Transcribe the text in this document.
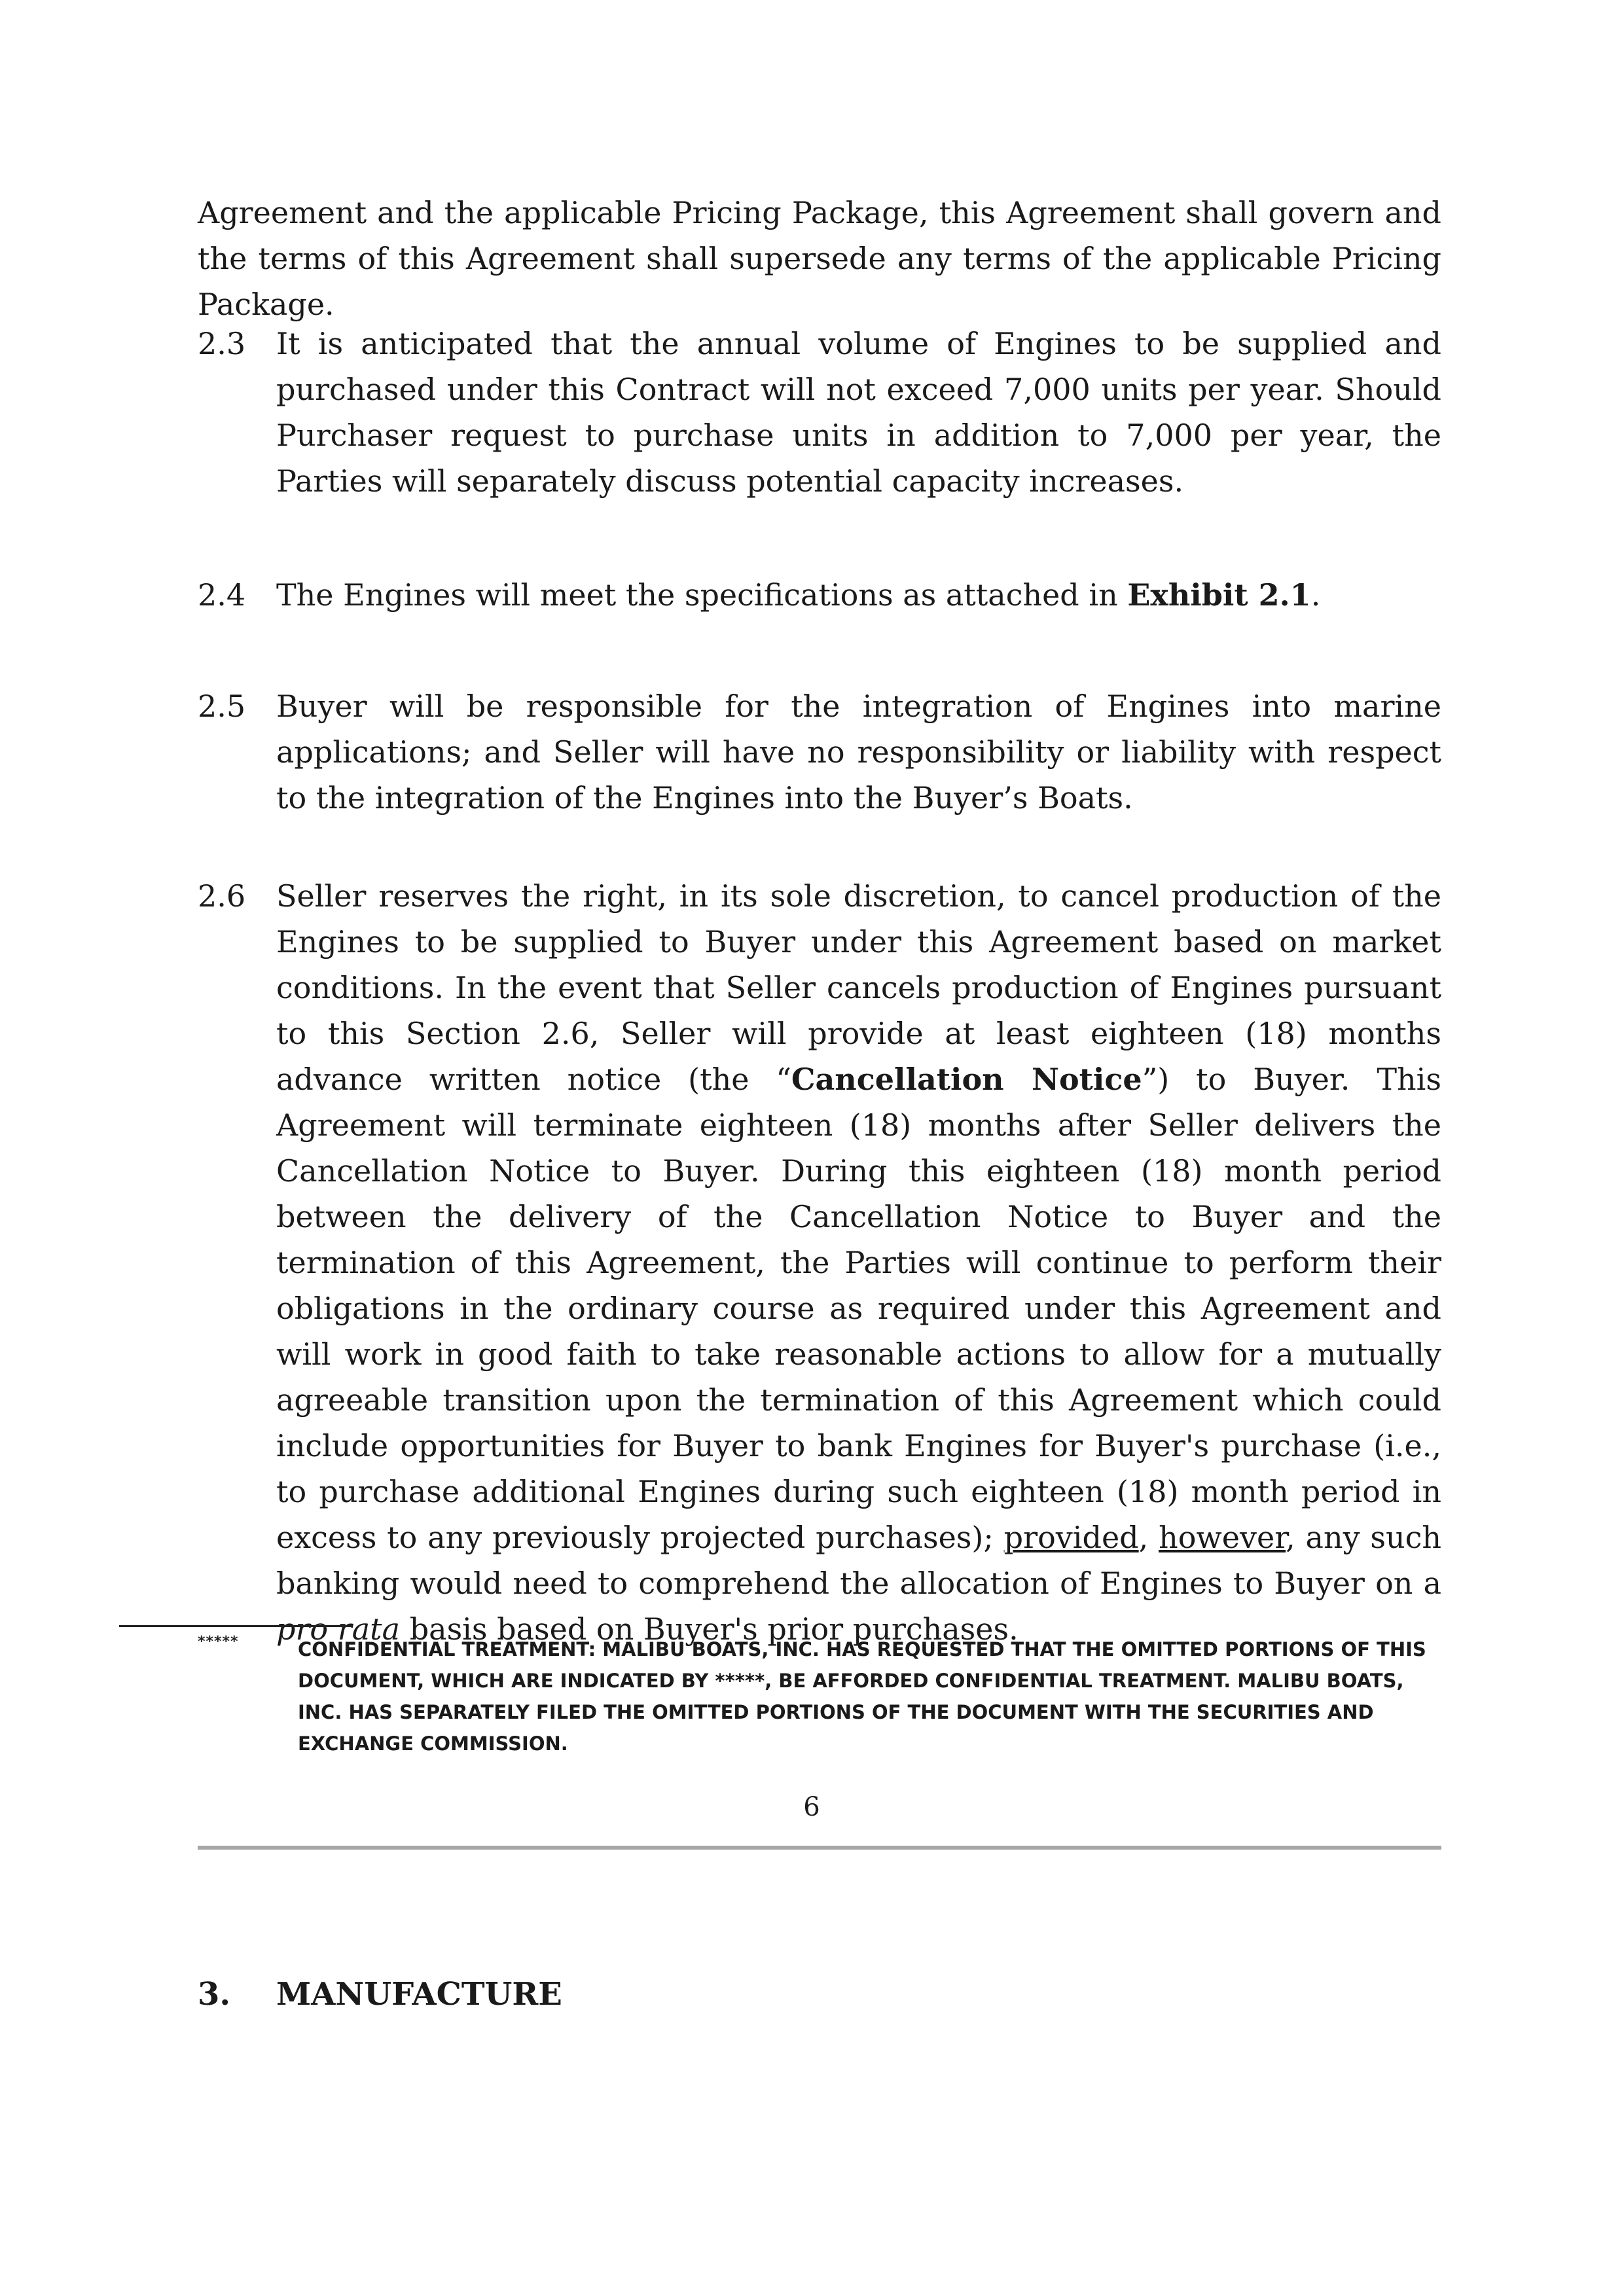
Agreement and the applicable Pricing Package, this Agreement shall govern and the terms of this Agreement shall supersede any terms of the applicable Pricing Package.

2.3	It is anticipated that the annual volume of Engines to be supplied and purchased under this Contract will not exceed 7,000 units per year. Should Purchaser request to purchase units in addition to 7,000 per year, the Parties will separately discuss potential capacity increases.
2.4	The Engines will meet the specifications as attached in Exhibit 2.1.
2.5	Buyer will be responsible for the integration of Engines into marine applications; and Seller will have no responsibility or liability with respect to the integration of the Engines into the Buyer’s Boats.
2.6	Seller reserves the right, in its sole discretion, to cancel production of the Engines to be supplied to Buyer under this Agreement based on market conditions. In the event that Seller cancels production of Engines pursuant to this Section 2.6, Seller will provide at least eighteen (18) months advance written notice (the “Cancellation Notice”) to Buyer. This Agreement will terminate eighteen (18) months after Seller delivers the Cancellation Notice to Buyer. During this eighteen (18) month period between the delivery of the Cancellation Notice to Buyer and the termination of this Agreement, the Parties will continue to perform their obligations in the ordinary course as required under this Agreement and will work in good faith to take reasonable actions to allow for a mutually agreeable transition upon the termination of this Agreement which could include opportunities for Buyer to bank Engines for Buyer's purchase (i.e., to purchase additional Engines during such eighteen (18) month period in excess to any previously projected purchases); provided, however, any such banking would need to comprehend the allocation of Engines to Buyer on a pro rata basis based on Buyer's prior purchases.
*****	CONFIDENTIAL TREATMENT: MALIBU BOATS, INC. HAS REQUESTED THAT THE OMITTED PORTIONS OF THIS DOCUMENT, WHICH ARE INDICATED BY *****, BE AFFORDED CONFIDENTIAL TREATMENT. MALIBU BOATS, INC. HAS SEPARATELY FILED THE OMITTED PORTIONS OF THE DOCUMENT WITH THE SECURITIES AND EXCHANGE COMMISSION.
6
3. MANUFACTURE
